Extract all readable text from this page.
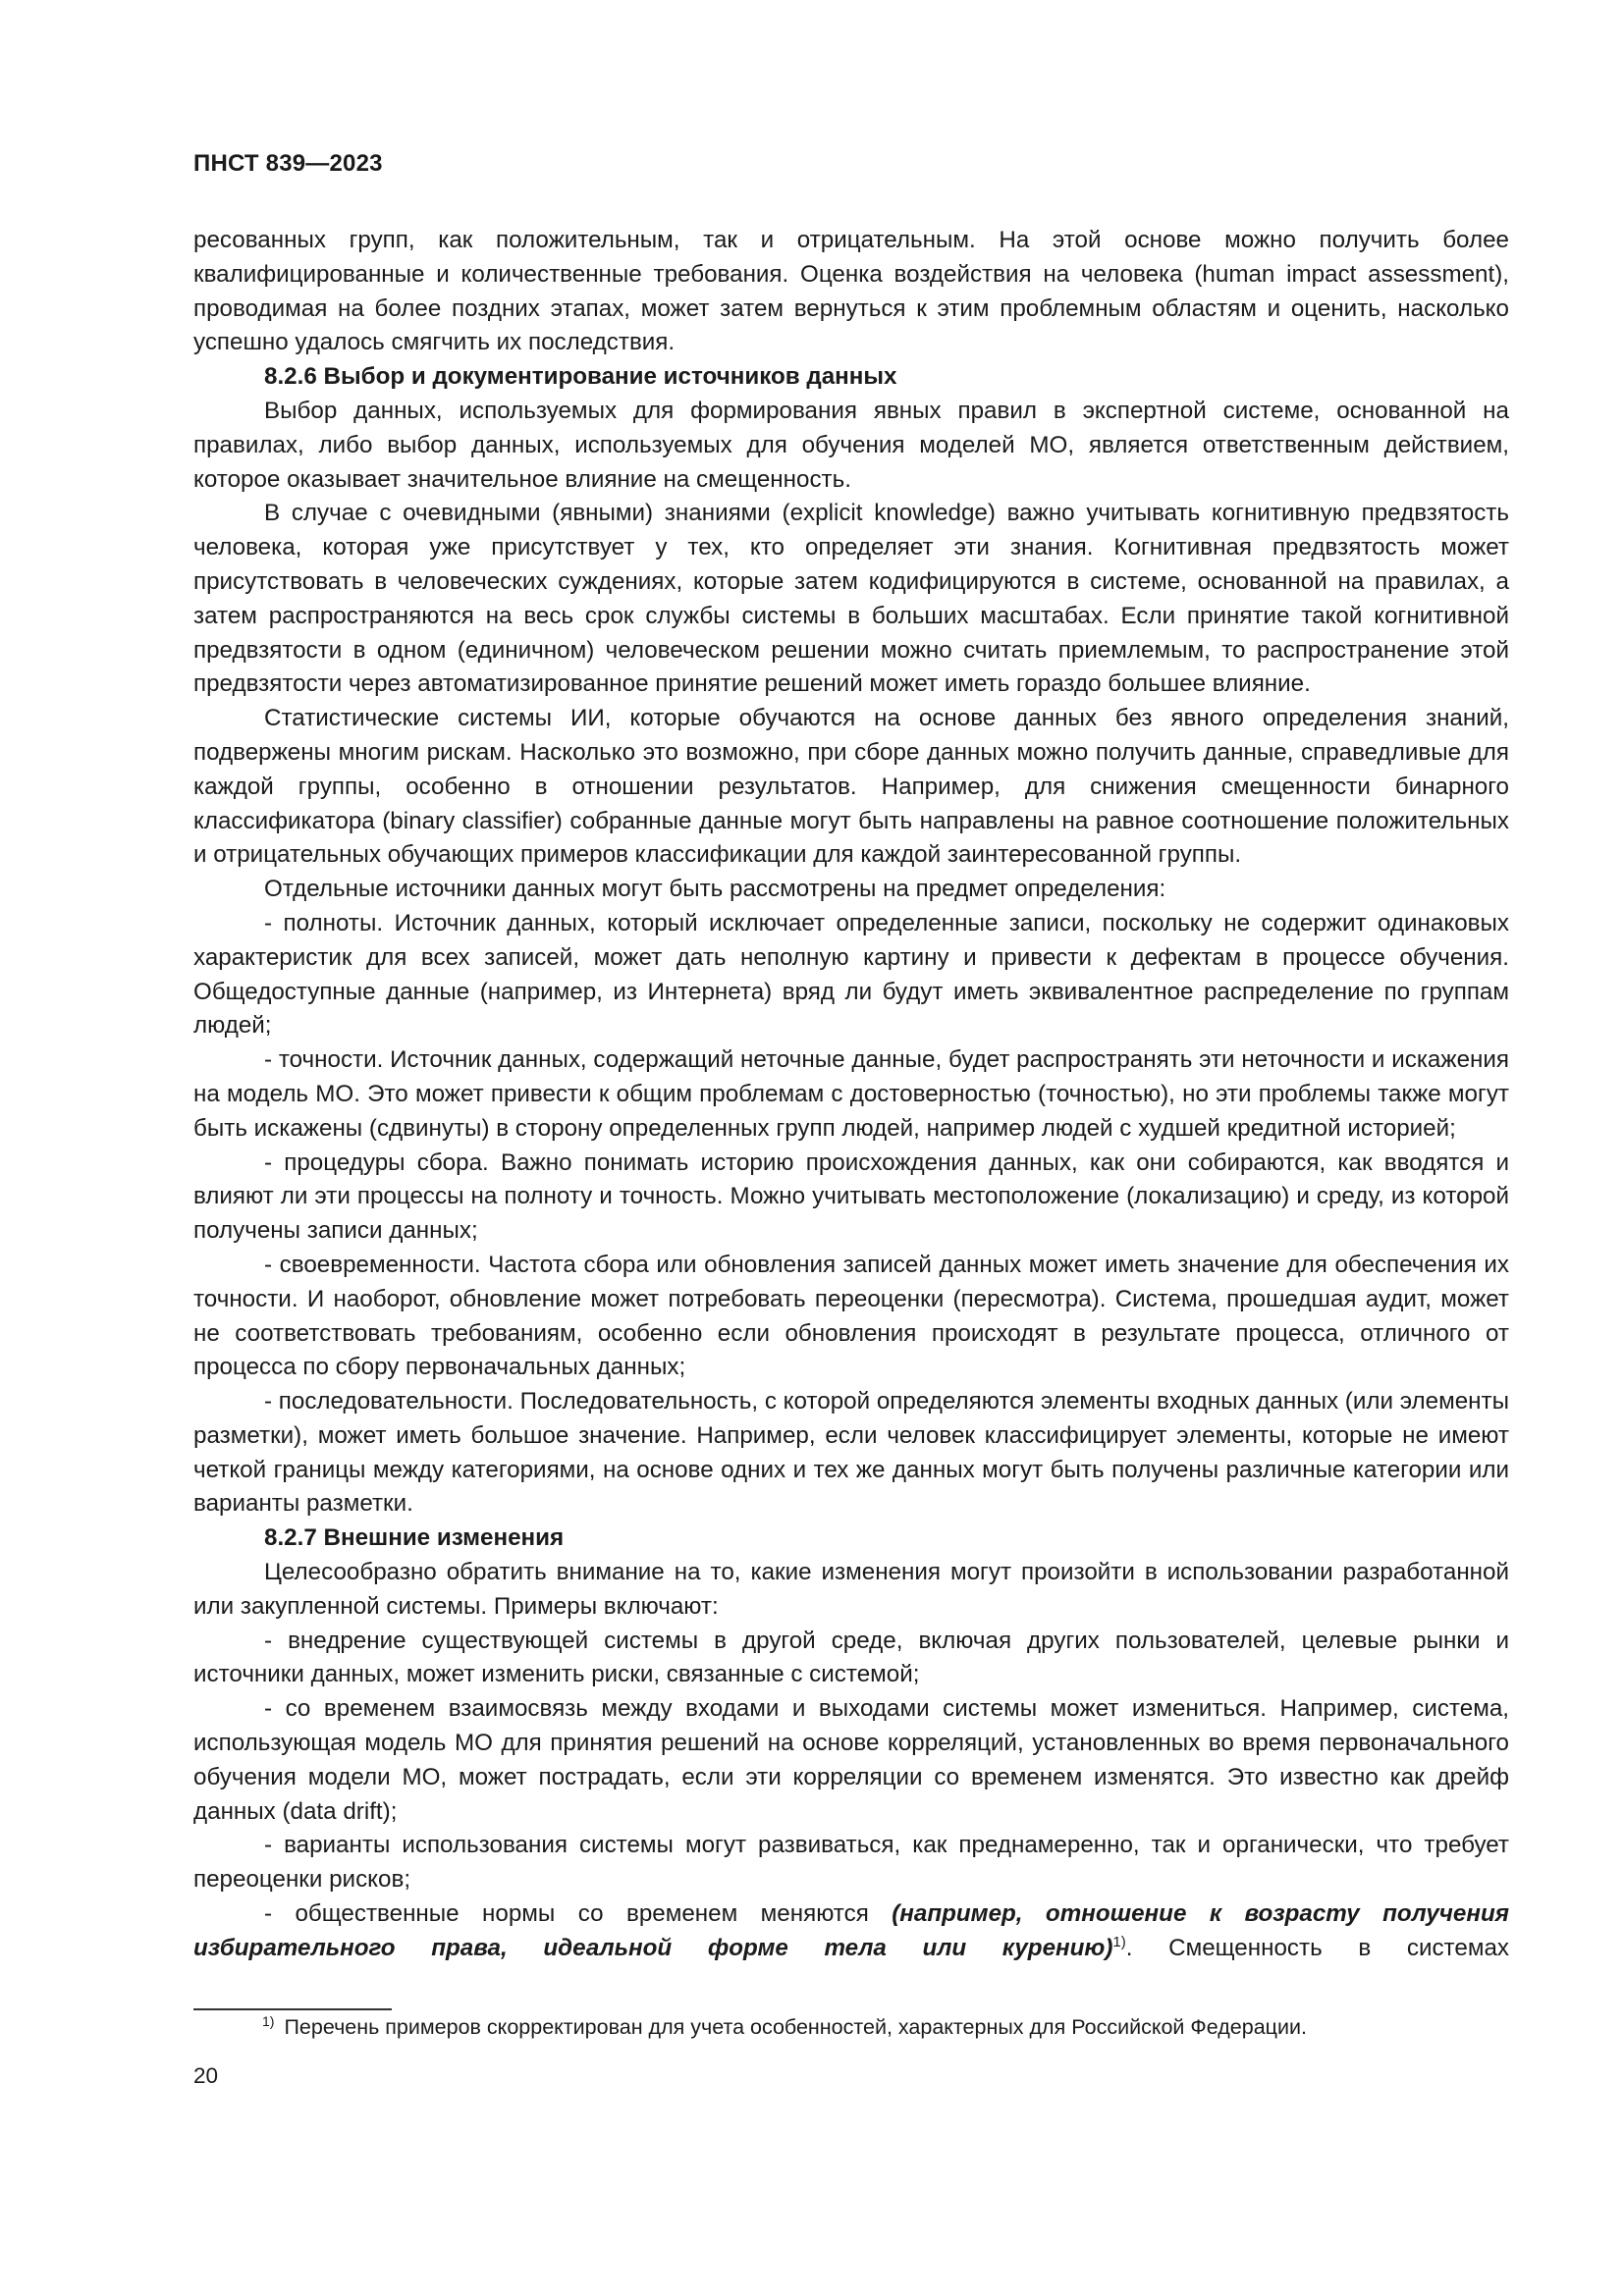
ПНСТ 839—2023

ресованных групп, как положительным, так и отрицательным. На этой основе можно получить более квалифицированные и количественные требования. Оценка воздействия на человека (human impact assessment), проводимая на более поздних этапах, может затем вернуться к этим проблемным областям и оценить, насколько успешно удалось смягчить их последствия.

8.2.6 Выбор и документирование источников данных

Выбор данных, используемых для формирования явных правил в экспертной системе, основанной на правилах, либо выбор данных, используемых для обучения моделей МО, является ответственным действием, которое оказывает значительное влияние на смещенность.

В случае с очевидными (явными) знаниями (explicit knowledge) важно учитывать когнитивную предвзятость человека, которая уже присутствует у тех, кто определяет эти знания. Когнитивная предвзятость может присутствовать в человеческих суждениях, которые затем кодифицируются в системе, основанной на правилах, а затем распространяются на весь срок службы системы в больших масштабах. Если принятие такой когнитивной предвзятости в одном (единичном) человеческом решении можно считать приемлемым, то распространение этой предвзятости через автоматизированное принятие решений может иметь гораздо большее влияние.

Статистические системы ИИ, которые обучаются на основе данных без явного определения знаний, подвержены многим рискам. Насколько это возможно, при сборе данных можно получить данные, справедливые для каждой группы, особенно в отношении результатов. Например, для снижения смещенности бинарного классификатора (binary classifier) собранные данные могут быть направлены на равное соотношение положительных и отрицательных обучающих примеров классификации для каждой заинтересованной группы.

Отдельные источники данных могут быть рассмотрены на предмет определения:

- полноты. Источник данных, который исключает определенные записи, поскольку не содержит одинаковых характеристик для всех записей, может дать неполную картину и привести к дефектам в процессе обучения. Общедоступные данные (например, из Интернета) вряд ли будут иметь эквивалентное распределение по группам людей;

- точности. Источник данных, содержащий неточные данные, будет распространять эти неточности и искажения на модель МО. Это может привести к общим проблемам с достоверностью (точностью), но эти проблемы также могут быть искажены (сдвинуты) в сторону определенных групп людей, например людей с худшей кредитной историей;

- процедуры сбора. Важно понимать историю происхождения данных, как они собираются, как вводятся и влияют ли эти процессы на полноту и точность. Можно учитывать местоположение (локализацию) и среду, из которой получены записи данных;

- своевременности. Частота сбора или обновления записей данных может иметь значение для обеспечения их точности. И наоборот, обновление может потребовать переоценки (пересмотра). Система, прошедшая аудит, может не соответствовать требованиям, особенно если обновления происходят в результате процесса, отличного от процесса по сбору первоначальных данных;

- последовательности. Последовательность, с которой определяются элементы входных данных (или элементы разметки), может иметь большое значение. Например, если человек классифицирует элементы, которые не имеют четкой границы между категориями, на основе одних и тех же данных могут быть получены различные категории или варианты разметки.

8.2.7 Внешние изменения

Целесообразно обратить внимание на то, какие изменения могут произойти в использовании разработанной или закупленной системы. Примеры включают:

- внедрение существующей системы в другой среде, включая других пользователей, целевые рынки и источники данных, может изменить риски, связанные с системой;

- со временем взаимосвязь между входами и выходами системы может измениться. Например, система, использующая модель МО для принятия решений на основе корреляций, установленных во время первоначального обучения модели МО, может пострадать, если эти корреляции со временем изменятся. Это известно как дрейф данных (data drift);

- варианты использования системы могут развиваться, как преднамеренно, так и органически, что требует переоценки рисков;

- общественные нормы со временем меняются (например, отношение к возрасту получения избирательного права, идеальной форме тела или курению)$^{1)}$. Смещенность в системах

$^{1)}$ Перечень примеров скорректирован для учета особенностей, характерных для Российской Федерации.
20
